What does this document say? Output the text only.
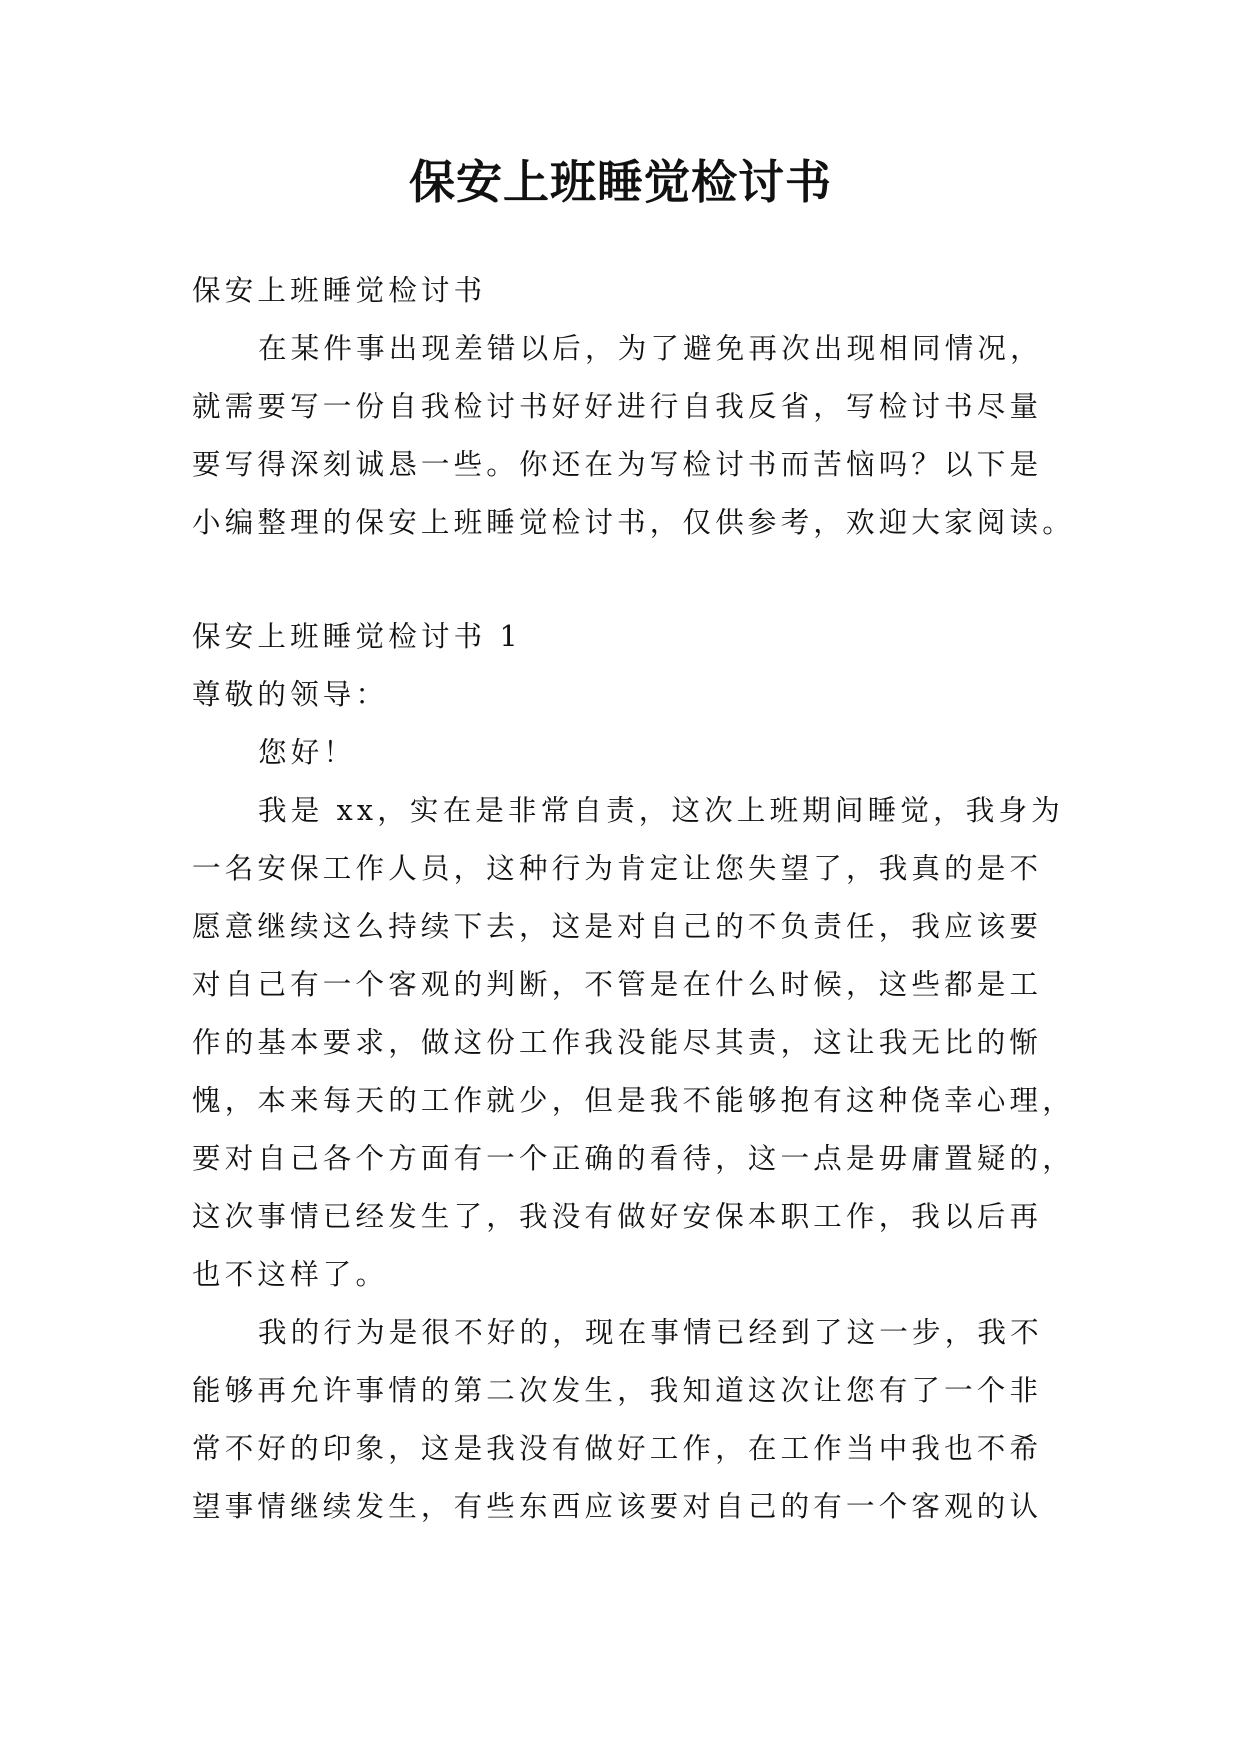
保安上班睡觉检讨书
保安上班睡觉检讨书
在某件事出现差错以后，为了避免再次出现相同情况，
就需要写一份自我检讨书好好进行自我反省，写检讨书尽量
要写得深刻诚恳一些。你还在为写检讨书而苦恼吗？以下是
小编整理的保安上班睡觉检讨书，仅供参考，欢迎大家阅读。
保安上班睡觉检讨书 1
尊敬的领导：
您好！
我是 xx，实在是非常自责，这次上班期间睡觉，我身为
一名安保工作人员，这种行为肯定让您失望了，我真的是不
愿意继续这么持续下去，这是对自己的不负责任，我应该要
对自己有一个客观的判断，不管是在什么时候，这些都是工
作的基本要求，做这份工作我没能尽其责，这让我无比的惭
愧，本来每天的工作就少，但是我不能够抱有这种侥幸心理，
要对自己各个方面有一个正确的看待，这一点是毋庸置疑的，
这次事情已经发生了，我没有做好安保本职工作，我以后再
也不这样了。
我的行为是很不好的，现在事情已经到了这一步，我不
能够再允许事情的第二次发生，我知道这次让您有了一个非
常不好的印象，这是我没有做好工作，在工作当中我也不希
望事情继续发生，有些东西应该要对自己的有一个客观的认
